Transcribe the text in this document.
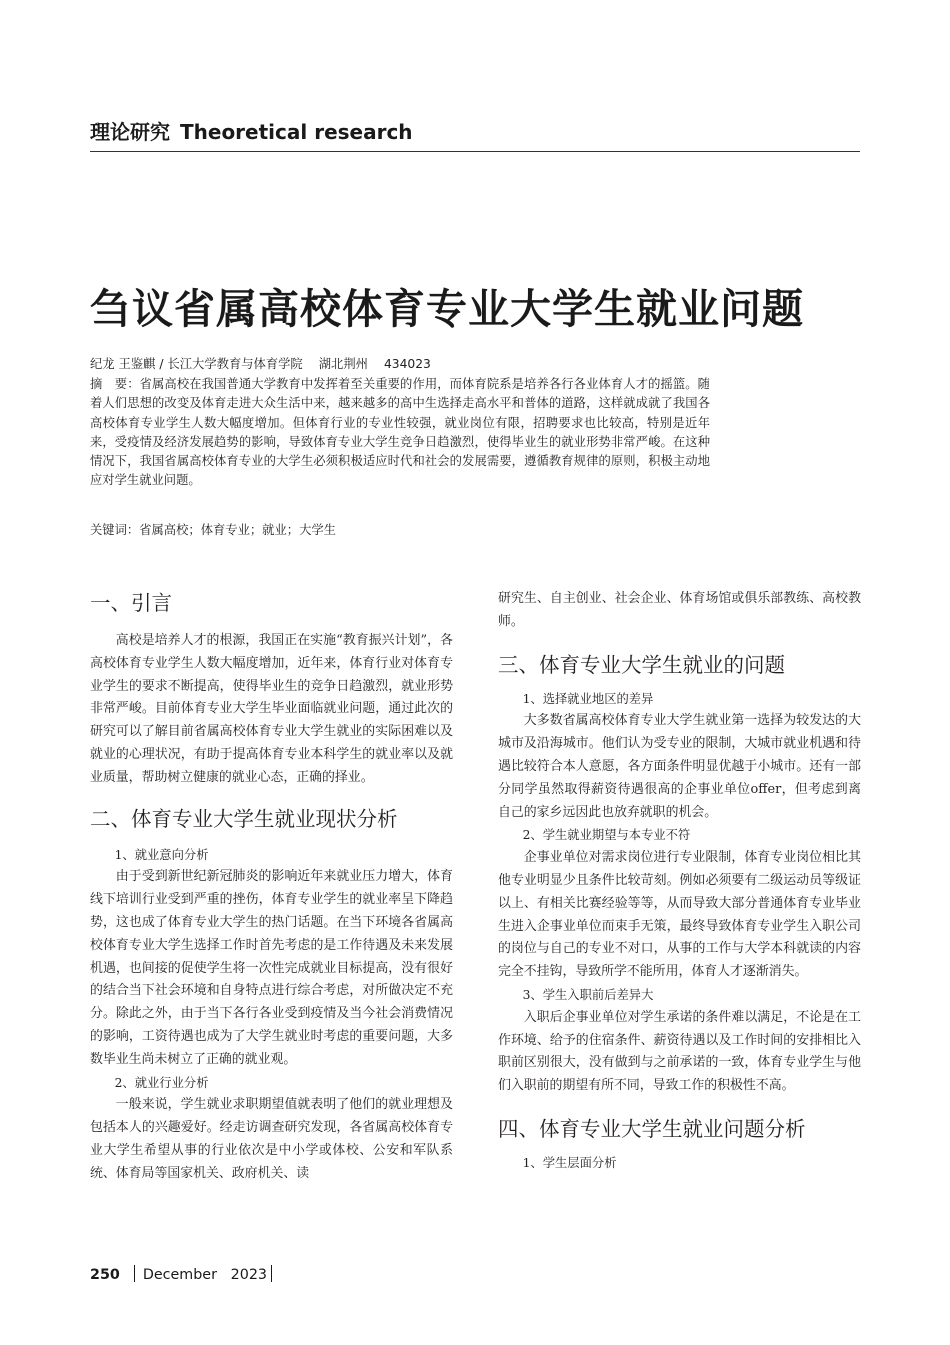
理论研究 Theoretical research
刍议省属高校体育专业大学生就业问题
纪龙 王鉴麒 / 长江大学教育与体育学院 湖北荆州 434023
摘　要：省属高校在我国普通大学教育中发挥着至关重要的作用，而体育院系是培养各行各业体育人才的摇篮。随着人们思想的改变及体育走进大众生活中来，越来越多的高中生选择走高水平和普体的道路，这样就成就了我国各高校体育专业学生人数大幅度增加。但体育行业的专业性较强，就业岗位有限，招聘要求也比较高，特别是近年来，受疫情及经济发展趋势的影响，导致体育专业大学生竞争日趋激烈，使得毕业生的就业形势非常严峻。在这种情况下，我国省属高校体育专业的大学生必须积极适应时代和社会的发展需要，遵循教育规律的原则，积极主动地应对学生就业问题。
关键词：省属高校；体育专业；就业；大学生
一、引言

高校是培养人才的根源，我国正在实施“教育振兴计划”，各高校体育专业学生人数大幅度增加，近年来，体育行业对体育专业学生的要求不断提高，使得毕业生的竞争日趋激烈，就业形势非常严峻。目前体育专业大学生毕业面临就业问题，通过此次的研究可以了解目前省属高校体育专业大学生就业的实际困难以及就业的心理状况，有助于提高体育专业本科学生的就业率以及就业质量，帮助树立健康的就业心态，正确的择业。

二、体育专业大学生就业现状分析
1、就业意向分析

由于受到新世纪新冠肺炎的影响近年来就业压力增大，体育线下培训行业受到严重的挫伤，体育专业学生的就业率呈下降趋势，这也成了体育专业大学生的热门话题。在当下环境各省属高校体育专业大学生选择工作时首先考虑的是工作待遇及未来发展机遇，也间接的促使学生将一次性完成就业目标提高，没有很好的结合当下社会环境和自身特点进行综合考虑，对所做决定不充分。除此之外，由于当下各行各业受到疫情及当今社会消费情况的影响，工资待遇也成为了大学生就业时考虑的重要问题，大多数毕业生尚未树立了正确的就业观。

2、就业行业分析

一般来说，学生就业求职期望值就表明了他们的就业理想及包括本人的兴趣爱好。经走访调查研究发现，各省属高校体育专业大学生希望从事的行业依次是中小学或体校、公安和军队系统、体育局等国家机关、政府机关、读

研究生、自主创业、社会企业、体育场馆或俱乐部教练、高校教师。

三、体育专业大学生就业的问题
1、选择就业地区的差异

大多数省属高校体育专业大学生就业第一选择为较发达的大城市及沿海城市。他们认为受专业的限制，大城市就业机遇和待遇比较符合本人意愿，各方面条件明显优越于小城市。还有一部分同学虽然取得薪资待遇很高的企事业单位offer，但考虑到离自己的家乡远因此也放弃就职的机会。

2、学生就业期望与本专业不符

企事业单位对需求岗位进行专业限制，体育专业岗位相比其他专业明显少且条件比较苛刻。例如必须要有二级运动员等级证以上、有相关比赛经验等等，从而导致大部分普通体育专业毕业生进入企事业单位而束手无策，最终导致体育专业学生入职公司的岗位与自己的专业不对口，从事的工作与大学本科就读的内容完全不挂钩，导致所学不能所用，体育人才逐渐消失。

3、学生入职前后差异大

入职后企事业单位对学生承诺的条件难以满足，不论是在工作环境、给予的住宿条件、薪资待遇以及工作时间的安排相比入职前区别很大，没有做到与之前承诺的一致，体育专业学生与他们入职前的期望有所不同，导致工作的积极性不高。

四、体育专业大学生就业问题分析
1、学生层面分析
250 December 2023
